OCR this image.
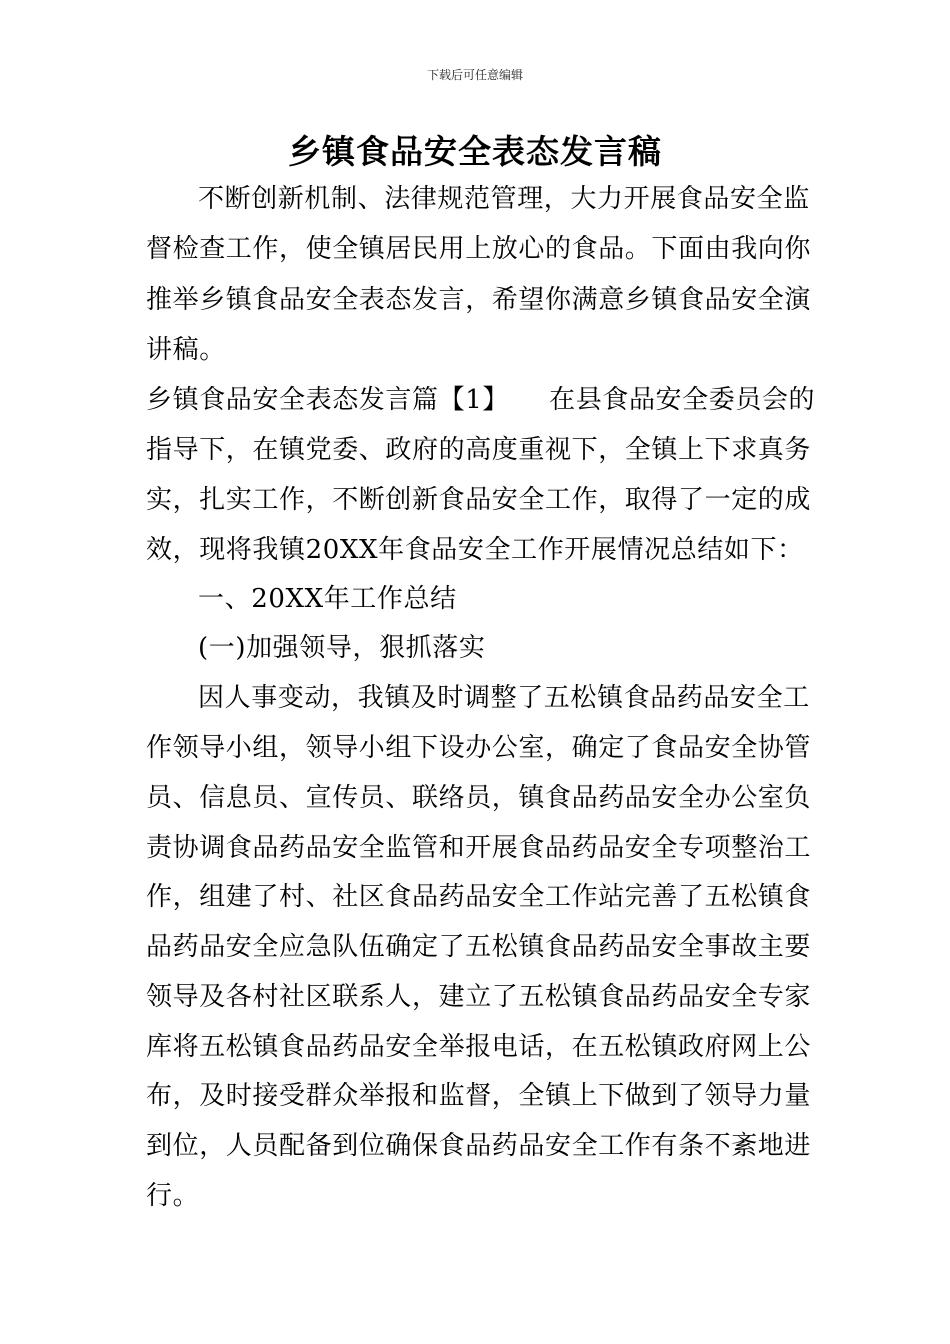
下载后可任意编辑
乡镇食品安全表态发言稿
不断创新机制、法律规范管理，大力开展食品安全监
督检查工作，使全镇居民用上放心的食品。下面由我向你
推举乡镇食品安全表态发言，希望你满意乡镇食品安全演
讲稿。
乡镇食品安全表态发言篇【1】　　在县食品安全委员会的
指导下，在镇党委、政府的高度重视下，全镇上下求真务
实，扎实工作，不断创新食品安全工作，取得了一定的成
效，现将我镇20XX年食品安全工作开展情况总结如下：
一、20XX年工作总结
(一)加强领导，狠抓落实
因人事变动，我镇及时调整了五松镇食品药品安全工
作领导小组，领导小组下设办公室，确定了食品安全协管
员、信息员、宣传员、联络员，镇食品药品安全办公室负
责协调食品药品安全监管和开展食品药品安全专项整治工
作，组建了村、社区食品药品安全工作站完善了五松镇食
品药品安全应急队伍确定了五松镇食品药品安全事故主要
领导及各村社区联系人，建立了五松镇食品药品安全专家
库将五松镇食品药品安全举报电话，在五松镇政府网上公
布，及时接受群众举报和监督，全镇上下做到了领导力量
到位，人员配备到位确保食品药品安全工作有条不紊地进
行。
